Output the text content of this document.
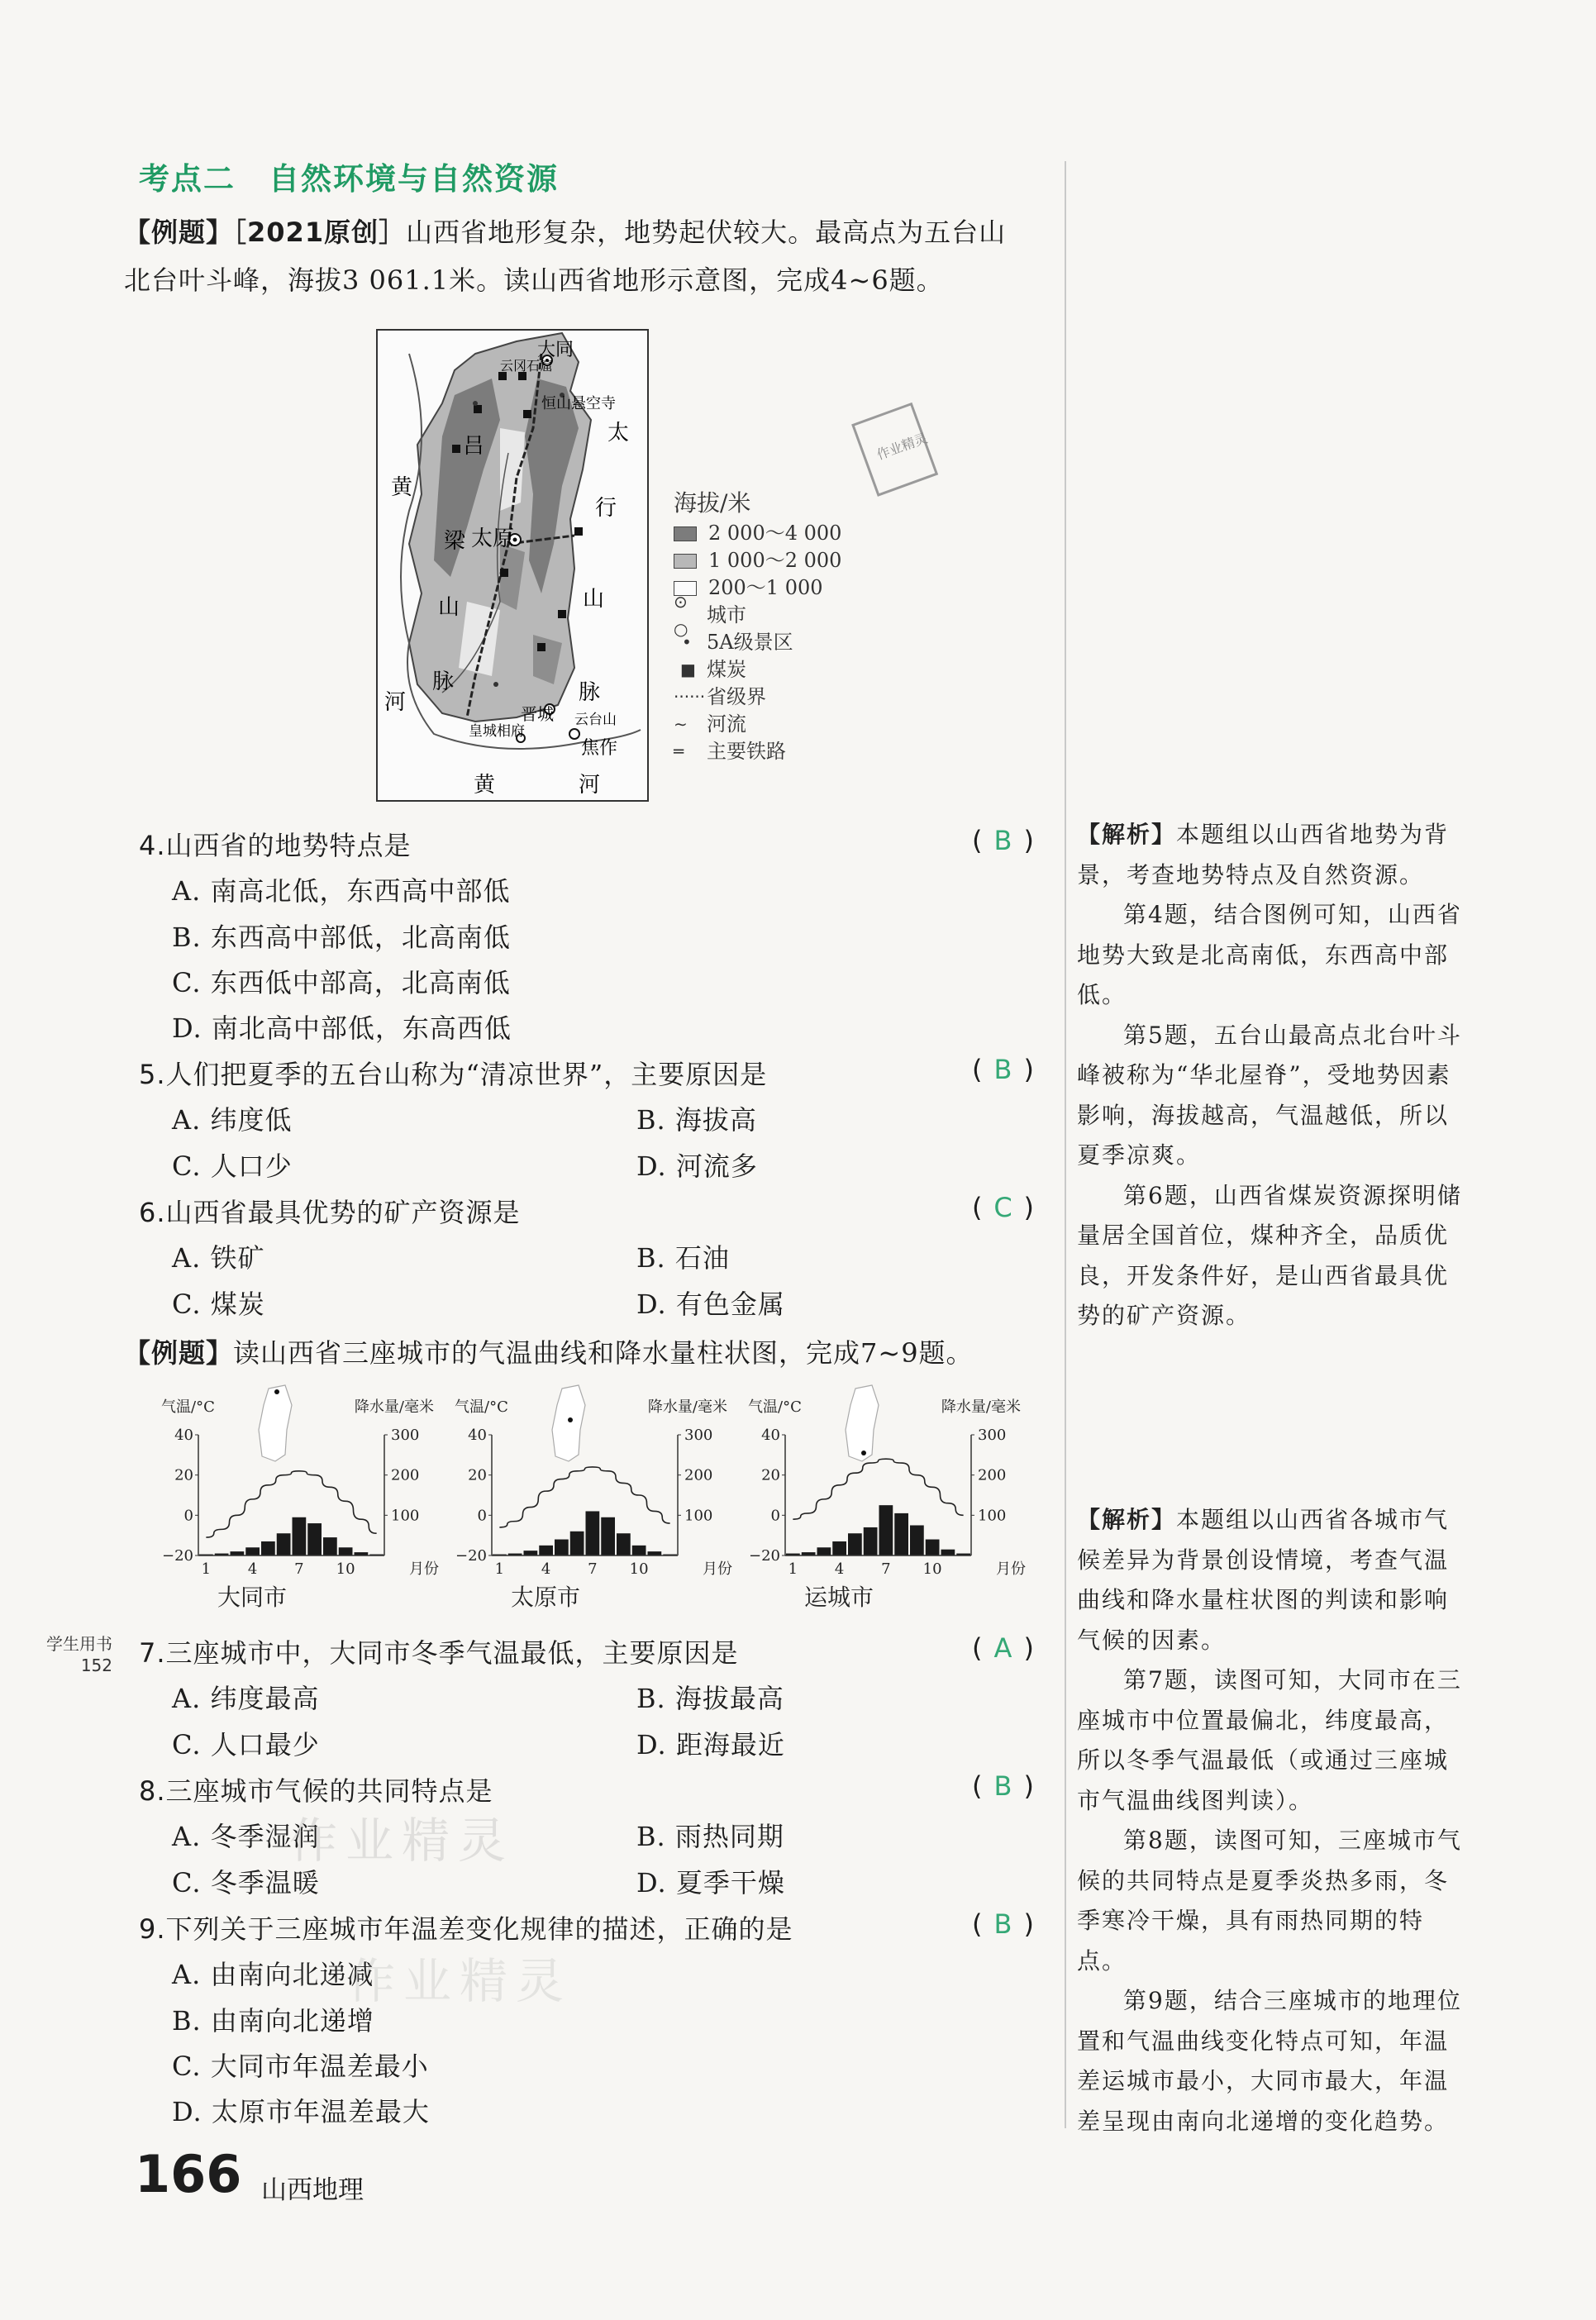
考点二 自然环境与自然资源
【例题】［2021原创］山西省地形复杂，地势起伏较大。最高点为五台山
北台叶斗峰，海拔3 061.1米。读山西省地形示意图，完成4~6题。
大同
云冈石窟
恒山悬空寺
太
吕
梁
山
脉
太原
行
山
脉
黄
河
黄	河
晋城
皇城相府
云台山
焦作
作业精灵
海拔/米
2 000～4 000
1 000～2 000
200～1 000
⊙ ○
城市
• 5A级景区
■ 煤炭
······ 省级界
∼ 河流
═	主要铁路
4.山西省的地势特点是	( B )
A. 南高北低，东西高中部低
B. 东西高中部低，北高南低
C. 东西低中部高，北高南低
D. 南北高中部低，东高西低
5.人们把夏季的五台山称为“清凉世界”，主要原因是	( B )
A. 纬度低	B. 海拔高
C. 人口少	D. 河流多
6.山西省最具优势的矿产资源是	( C )
A. 铁矿	B. 石油
C. 煤炭	D. 有色金属
【例题】读山西省三座城市的气温曲线和降水量柱状图，完成7~9题。
气温/°C	降水量/毫米
40
20
0
−20
300
200
100
1 4 7 10	月份
大同市
气温/°C	降水量/毫米
40
20
0
−20
300
200
100
1 4 7 10	月份
太原市
气温/°C	降水量/毫米
40
20
0
−20
300
200
100
1 4 7 10	月份
运城市
7.三座城市中，大同市冬季气温最低，主要原因是	( A )
A. 纬度最高	B. 海拔最高
C. 人口最少	D. 距海最近
8.三座城市气候的共同特点是	( B )
A. 冬季湿润	B. 雨热同期
C. 冬季温暖	D. 夏季干燥
9.下列关于三座城市年温差变化规律的描述，正确的是	( B )
A. 由南向北递减
B. 由南向北递增
C. 大同市年温差最小
D. 太原市年温差最大
作业精灵
作业精灵

【解析】本题组以山西省地势为背景，考查地势特点及自然资源。

第4题，结合图例可知，山西省地势大致是北高南低，东西高中部低。

第5题，五台山最高点北台叶斗峰被称为“华北屋脊”，受地势因素影响，海拔越高，气温越低，所以夏季凉爽。

第6题，山西省煤炭资源探明储量居全国首位，煤种齐全，品质优良，开发条件好，是山西省最具优势的矿产资源。

【解析】本题组以山西省各城市气候差异为背景创设情境，考查气温曲线和降水量柱状图的判读和影响气候的因素。

第7题，读图可知，大同市在三座城市中位置最偏北，纬度最高，所以冬季气温最低（或通过三座城市气温曲线图判读）。

第8题，读图可知，三座城市气候的共同特点是夏季炎热多雨，冬季寒冷干燥，具有雨热同期的特点。

第9题，结合三座城市的地理位置和气温曲线变化特点可知，年温差运城市最小，大同市最大，年温差呈现由南向北递增的变化趋势。

学生用书
152
166 山西地理
